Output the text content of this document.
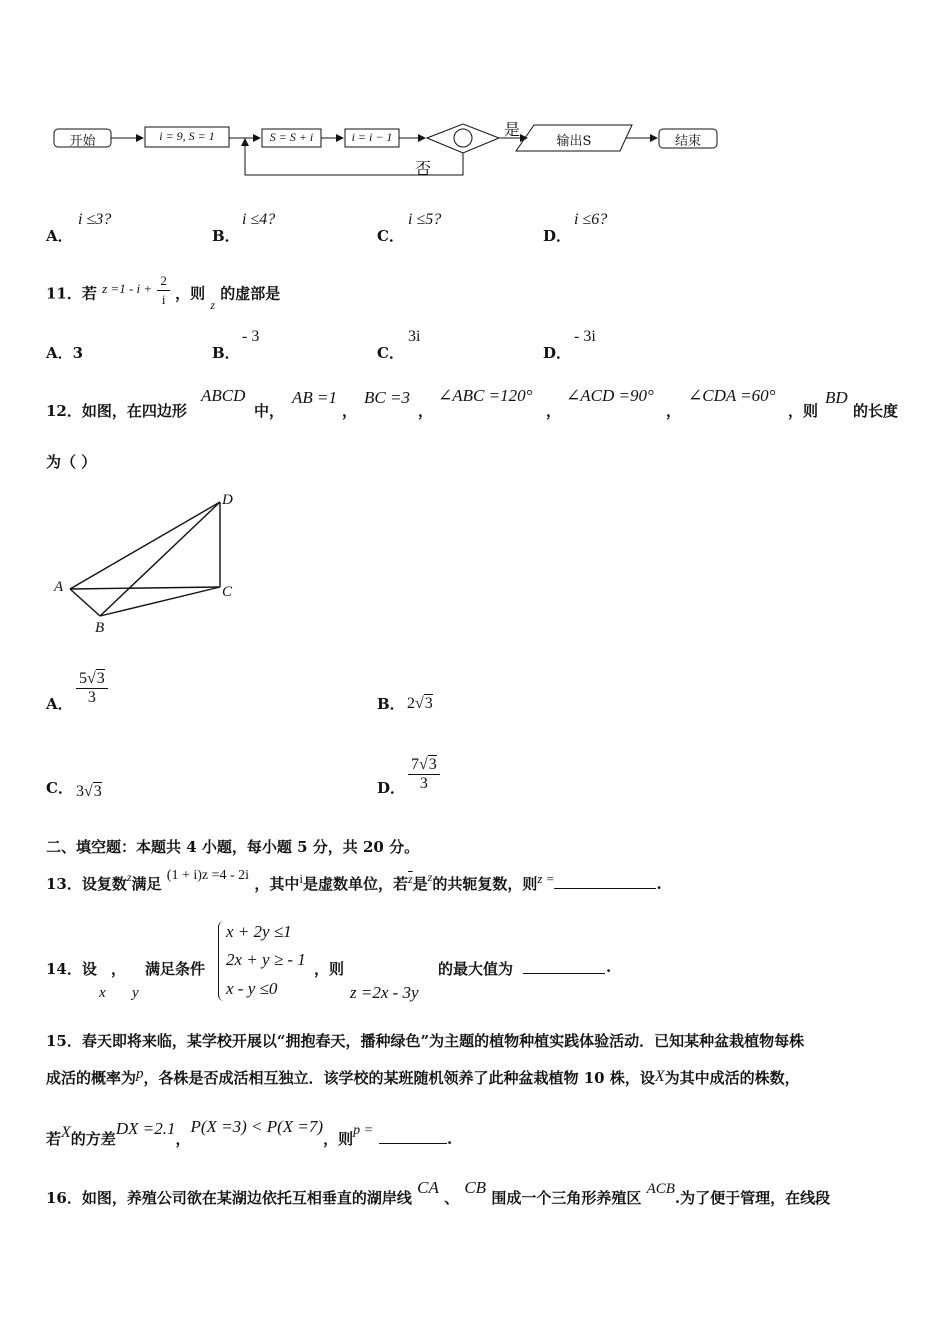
开始	i = 9, S = 1	S = S + i	i = i − 1	是
否
输出S	结束
A．
i ≤3?
B．
i ≤4?
C．
i ≤5?
D．
i ≤6?
11．若 $z =1 - i + \frac{2}{i}$ ，则 $_z$ 的虚部是
A．3	B．
- 3
C．
3i
D．
- 3i
12．如图，在四边形
ABCD
中，
AB =1
，
BC =3
，
∠ABC =120°
，
∠ACD =90°
，
∠CDA =60°
，则
BD
的长度
为（ ）
A
B
C
D
A． $\frac{5√3}{3}$	B． 2√3
C． 3√3	D． $\frac{7√3}{3}$
二、填空题：本题共 4 小题，每小题 5 分，共 20 分。
13．设复数$^z$满足 (1 + i)z =4 - 2i ，其中i是虚数单位，若$^{\overline{z}}$是$^z$的共轭复数，则z =	.
14．设 ，
x y
满足条件
x + 2y ≤1
2x + y ≥ - 1
x - y ≤0
，则
z =2x - 3y
的最大值为	.
15．春天即将来临，某学校开展以“拥抱春天，播种绿色”为主题的植物种植实践体验活动．已知某种盆栽植物每株
成活的概率为p，各株是否成活相互独立．该学校的某班随机领养了此种盆栽植物 10 株，设X为其中成活的株数，
若X的方差DX =2.1，P(X =3) < P(X =7)，则p =	.
16．如图，养殖公司欲在某湖边依托互相垂直的湖岸线 CA 、 CB 围成一个三角形养殖区 ACB.为了便于管理，在线段
